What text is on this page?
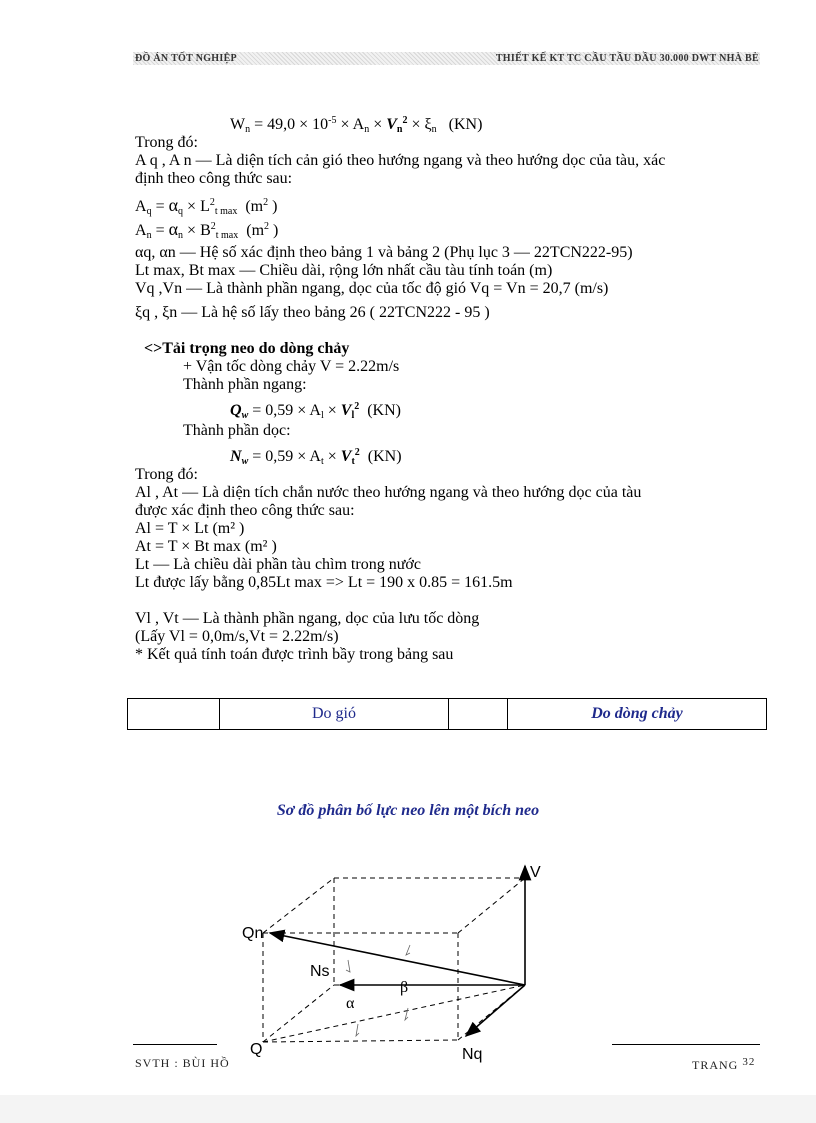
ĐỒ ÁN TỐT NGHIỆP	THIẾT KẾ KT TC CẦU TẦU DẦU 30.000 DWT NHÀ BÈ
$W_n = 49,0 \times 10^{-5} \times A_n \times V_n^2 \times \xi_n$ (KN)
Trong đó:
A q , A n — Là diện tích cản gió theo hướng ngang và theo hướng dọc của tàu, xác
định theo công thức sau:
$A_q = \alpha_q \times L^2_{t max}$ ($m^2$ )
$A_n = \alpha_n \times B^2_{t max}$ ($m^2$ )
αq, αn — Hệ số xác định theo bảng 1 và bảng 2 (Phụ lục 3 — 22TCN222-95)
Lt max, Bt max — Chiều dài, rộng lớn nhất cầu tàu tính toán (m)
Vq ,Vn — Là thành phần ngang, dọc của tốc độ gió Vq = Vn = 20,7 (m/s)
ξq , ξn — Là hệ số lấy theo bảng 26 ( 22TCN222 - 95 )
<>Tải trọng neo do dòng chảy
+ Vận tốc dòng chảy V = 2.22m/s
Thành phần ngang:
$Q_w = 0,59 \times A_l \times V_l^2$ (KN)
Thành phần dọc:
$N_w = 0,59 \times A_t \times V_t^2$ (KN)
Trong đó:
Al , At — Là diện tích chắn nước theo hướng ngang và theo hướng dọc của tàu
được xác định theo công thức sau:
Al = T × Lt (m² )
At = T × Bt max (m² )
Lt — Là chiều dài phần tàu chìm trong nước
Lt được lấy bằng 0,85Lt max => Lt = 190 x 0.85 = 161.5m
Vl , Vt — Là thành phần ngang, dọc của lưu tốc dòng
(Lấy Vl = 0,0m/s,Vt = 2.22m/s)
* Kết quả tính toán được trình bầy trong bảng sau
	Do gió		Do dòng chảy
Sơ đồ phân bố lực neo lên một bích neo
V
Qn
Ns
β
α
Q	Nq
SVTH : BÙI HỒ	TRANG 32
